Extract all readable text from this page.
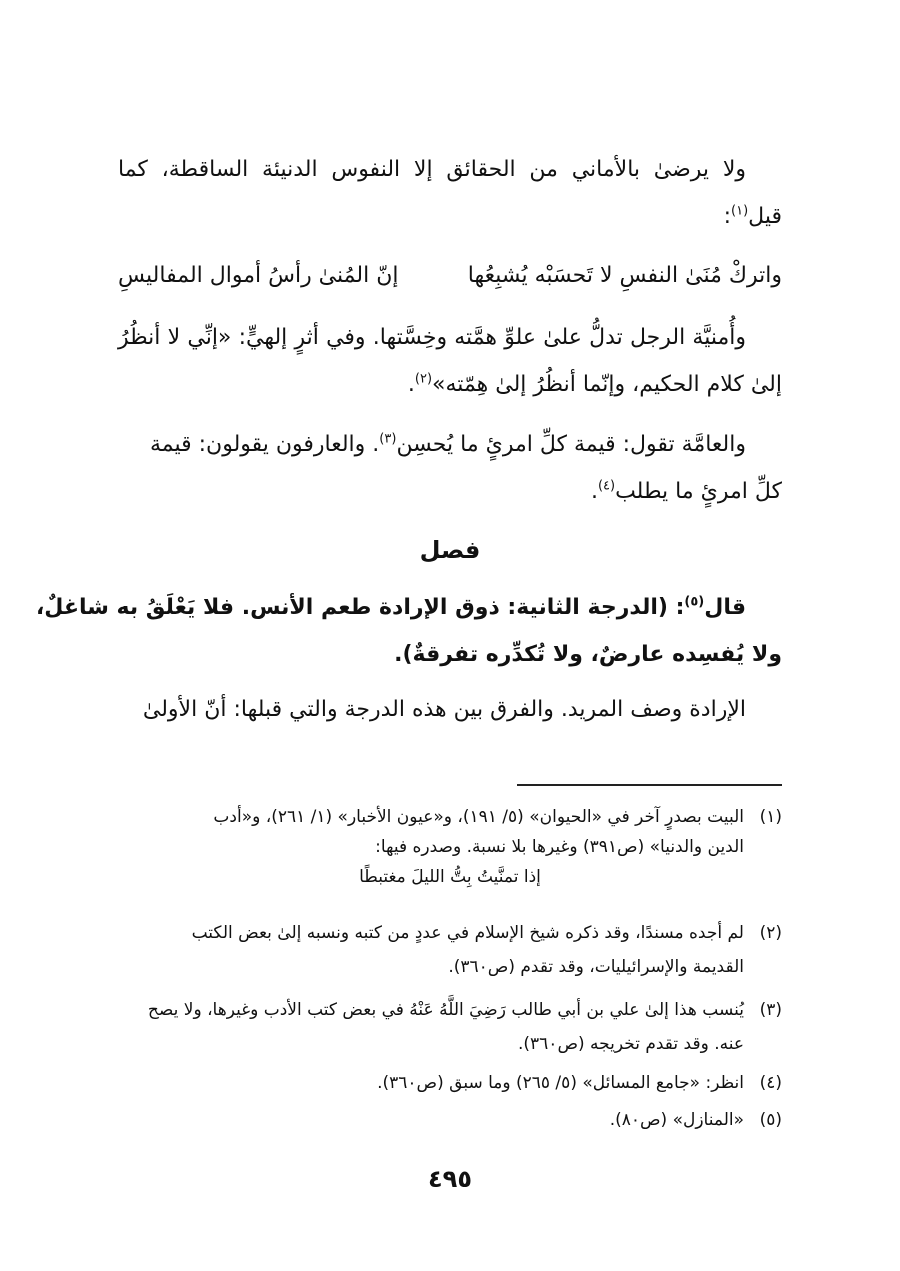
ولا يرضىٰ بالأماني من الحقائق إلا النفوس الدنيئة الساقطة، كما
قيل$^{(١)}$:
واتركْ مُنَىٰ النفسِ لا تَحسَبْه يُشبِعُها
إنّ المُنىٰ رأسُ أموال المفاليسِ
وأُمنيَّة الرجل تدلُّ علىٰ علوِّ همَّته وخِسَّتها. وفي أثرٍ إلهيٍّ: «إنِّي لا أنظُرُ
إلىٰ كلام الحكيم، وإنّما أنظُرُ إلىٰ هِمّته»$^{(٢)}$.
والعامَّة تقول: قيمة كلِّ امرئٍ ما يُحسِن$^{(٣)}$. والعارفون يقولون: قيمة
كلِّ امرئٍ ما يطلب$^{(٤)}$.
فصل
قال$^{(٥)}$: (الدرجة الثانية: ذوق الإرادة طعم الأنس. فلا يَعْلَقُ به شاغلٌ،
ولا يُفسِده عارضٌ، ولا تُكدِّره تفرقةٌ).
الإرادة وصف المريد. والفرق بين هذه الدرجة والتي قبلها: أنّ الأولىٰ
(١)البيت بصدرٍ آخر في «الحيوان» (٥/ ١٩١)، و«عيون الأخبار» (١/ ٢٦١)، و«أدب
الدين والدنيا» (ص٣٩١) وغيرها بلا نسبة. وصدره فيها:
إذا تمنَّيتُ بِتُّ الليلَ مغتبطًا
(٢)لم أجده مسندًا، وقد ذكره شيخ الإسلام في عددٍ من كتبه ونسبه إلىٰ بعض الكتب
القديمة والإسرائيليات، وقد تقدم (ص٣٦٠).
(٣)يُنسب هذا إلىٰ علي بن أبي طالب رَضِيَ اللَّهُ عَنْهُ في بعض كتب الأدب وغيرها، ولا يصح
عنه. وقد تقدم تخريجه (ص٣٦٠).
(٤)انظر: «جامع المسائل» (٥/ ٢٦٥) وما سبق (ص٣٦٠).
(٥)«المنازل» (ص٨٠).
٤٩٥
